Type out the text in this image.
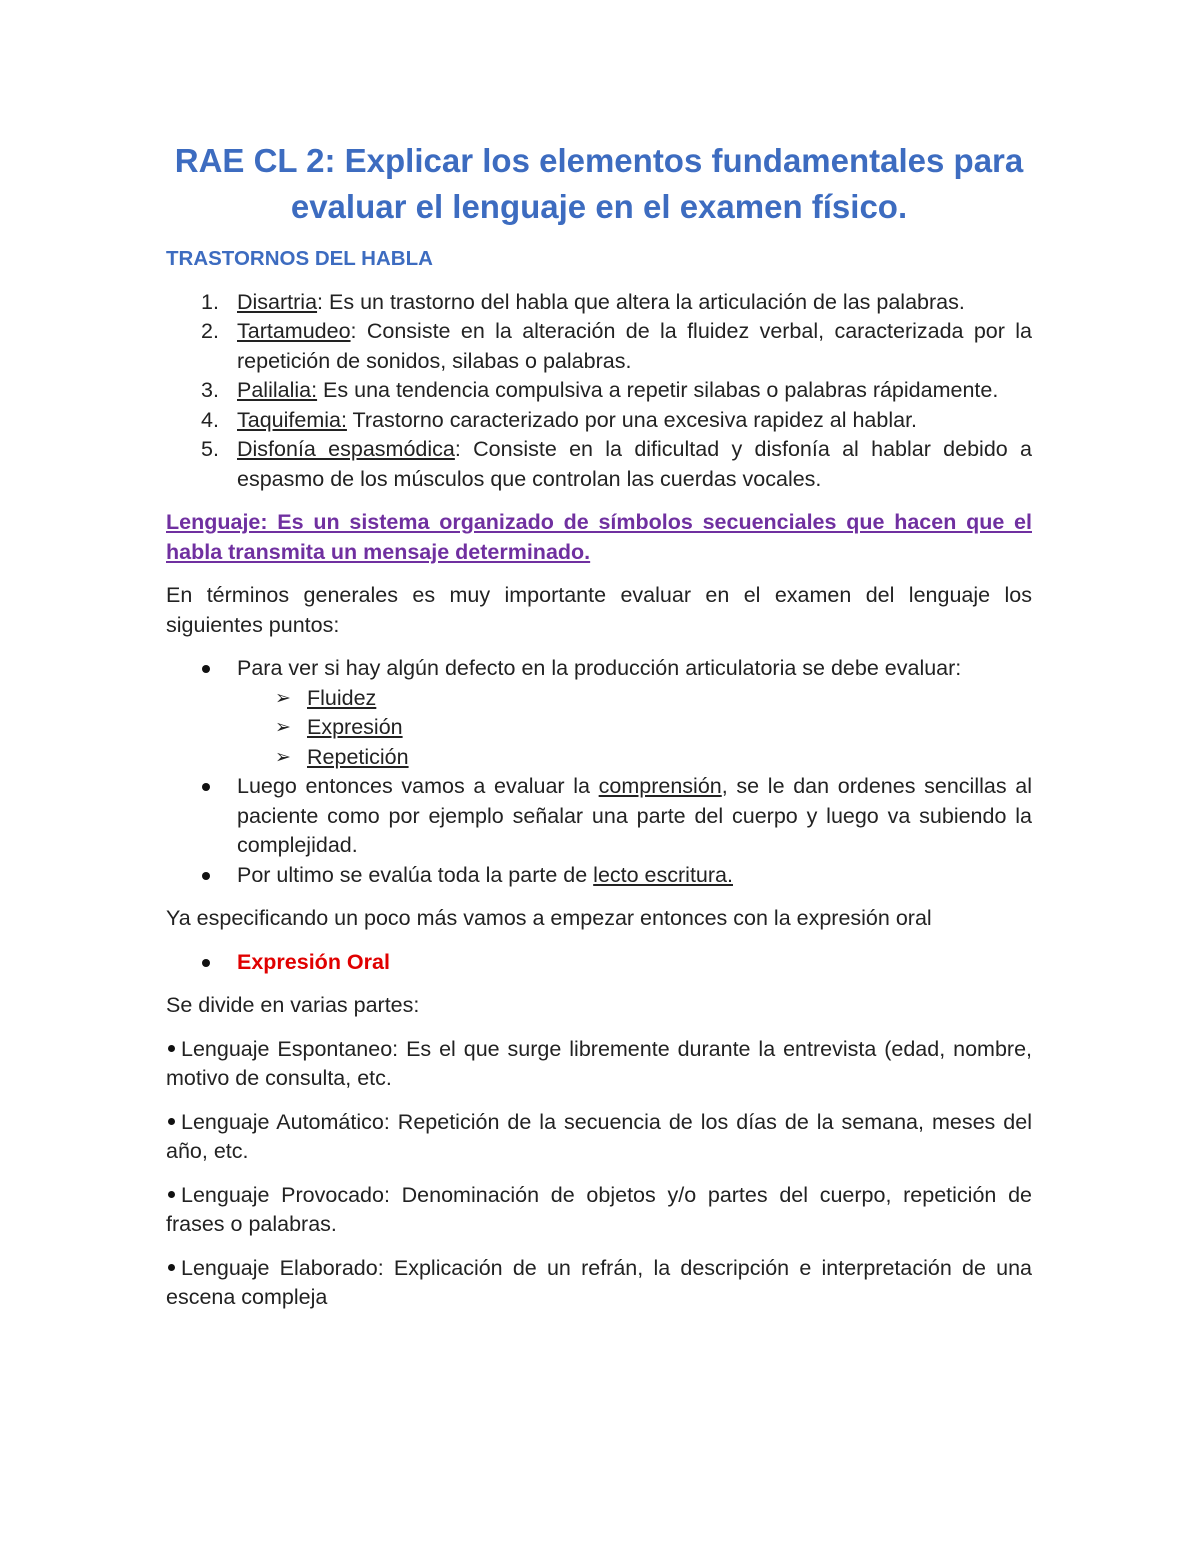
RAE CL 2: Explicar los elementos fundamentales para evaluar el lenguaje en el examen físico.
TRASTORNOS DEL HABLA
1. Disartria: Es un trastorno del habla que altera la articulación de las palabras.
2. Tartamudeo: Consiste en la alteración de la fluidez verbal, caracterizada por la repetición de sonidos, silabas o palabras.
3. Palilalia: Es una tendencia compulsiva a repetir silabas o palabras rápidamente.
4. Taquifemia: Trastorno caracterizado por una excesiva rapidez al hablar.
5. Disfonía espasmódica: Consiste en la dificultad y disfonía al hablar debido a espasmo de los músculos que controlan las cuerdas vocales.

Lenguaje: Es un sistema organizado de símbolos secuenciales que hacen que el habla transmita un mensaje determinado.

En términos generales es muy importante evaluar en el examen del lenguaje los siguientes puntos:

Para ver si hay algún defecto en la producción articulatoria se debe evaluar:
➢ Fluidez
➢ Expresión
➢ Repetición
Luego entonces vamos a evaluar la comprensión, se le dan ordenes sencillas al paciente como por ejemplo señalar una parte del cuerpo y luego va subiendo la complejidad.
Por ultimo se evalúa toda la parte de lecto escritura.

Ya especificando un poco más vamos a empezar entonces con la expresión oral

Expresión Oral

Se divide en varias partes:

Lenguaje Espontaneo: Es el que surge libremente durante la entrevista (edad, nombre, motivo de consulta, etc.

Lenguaje Automático: Repetición de la secuencia de los días de la semana, meses del año, etc.

Lenguaje Provocado: Denominación de objetos y/o partes del cuerpo, repetición de frases o palabras.

Lenguaje Elaborado: Explicación de un refrán, la descripción e interpretación de una escena compleja
